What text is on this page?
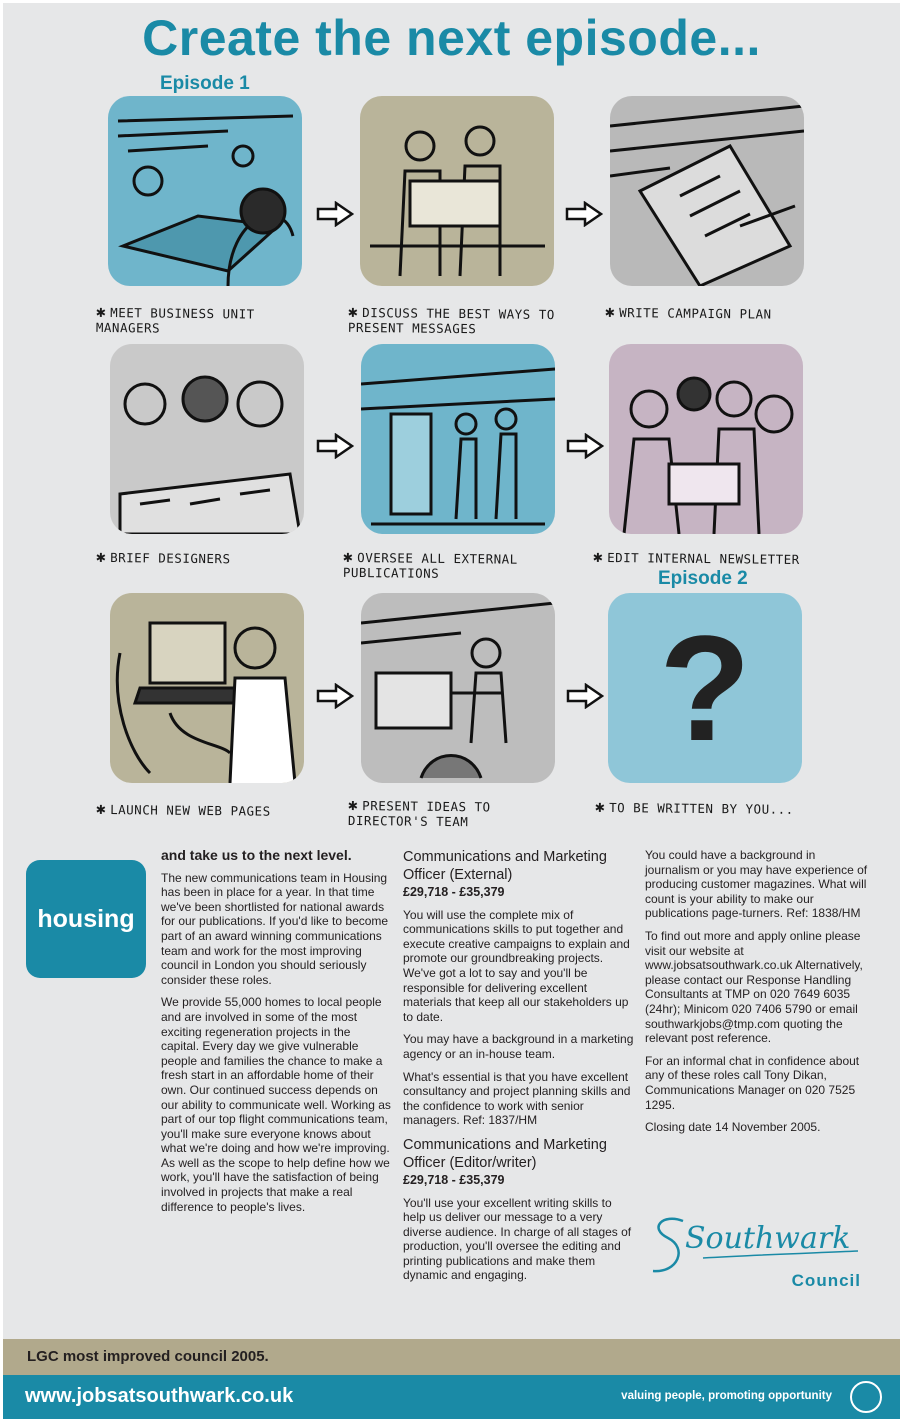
Create the next episode...
Episode 1
✱ MEET BUSINESS UNIT MANAGERS
✱ DISCUSS THE BEST WAYS TO PRESENT MESSAGES
✱ WRITE CAMPAIGN PLAN
✱ BRIEF DESIGNERS	✱ OVERSEE ALL EXTERNAL PUBLICATIONS
✱ EDIT INTERNAL NEWSLETTER
Episode 2
?
✱ LAUNCH NEW WEB PAGES	✱ PRESENT IDEAS TO DIRECTOR'S TEAM
✱ TO BE WRITTEN BY YOU...
housing

and take us to the next level.

The new communications team in Housing has been in place for a year. In that time we've been shortlisted for national awards for our publications. If you'd like to become part of an award winning communications team and work for the most improving council in London you should seriously consider these roles.

We provide 55,000 homes to local people and are involved in some of the most exciting regeneration projects in the capital. Every day we give vulnerable people and families the chance to make a fresh start in an affordable home of their own. Our continued success depends on our ability to communicate well. Working as part of our top flight communications team, you'll make sure everyone knows about what we're doing and how we're improving. As well as the scope to help define how we work, you'll have the satisfaction of being involved in projects that make a real difference to people's lives.

Communications and Marketing Officer (External)
£29,718 - £35,379

You will use the complete mix of communications skills to put together and execute creative campaigns to explain and promote our groundbreaking projects. We've got a lot to say and you'll be responsible for delivering excellent materials that keep all our stakeholders up to date.

You may have a background in a marketing agency or an in-house team.

What's essential is that you have excellent consultancy and project planning skills and the confidence to work with senior managers. Ref: 1837/HM

Communications and Marketing Officer (Editor/writer)
£29,718 - £35,379

You'll use your excellent writing skills to help us deliver our message to a very diverse audience. In charge of all stages of production, you'll oversee the editing and printing publications and make them dynamic and engaging.

You could have a background in journalism or you may have experience of producing customer magazines. What will count is your ability to make our publications page-turners. Ref: 1838/HM

To find out more and apply online please visit our website at www.jobsatsouthwark.co.uk Alternatively, please contact our Response Handling Consultants at TMP on 020 7649 6035 (24hr); Minicom 020 7406 5790 or email southwarkjobs@tmp.com quoting the relevant post reference.

For an informal chat in confidence about any of these roles call Tony Dikan, Communications Manager on 020 7525 1295.

Closing date 14 November 2005.

Southwark
Council
LGC most improved council 2005.
www.jobsatsouthwark.co.uk	valuing people, promoting opportunity
